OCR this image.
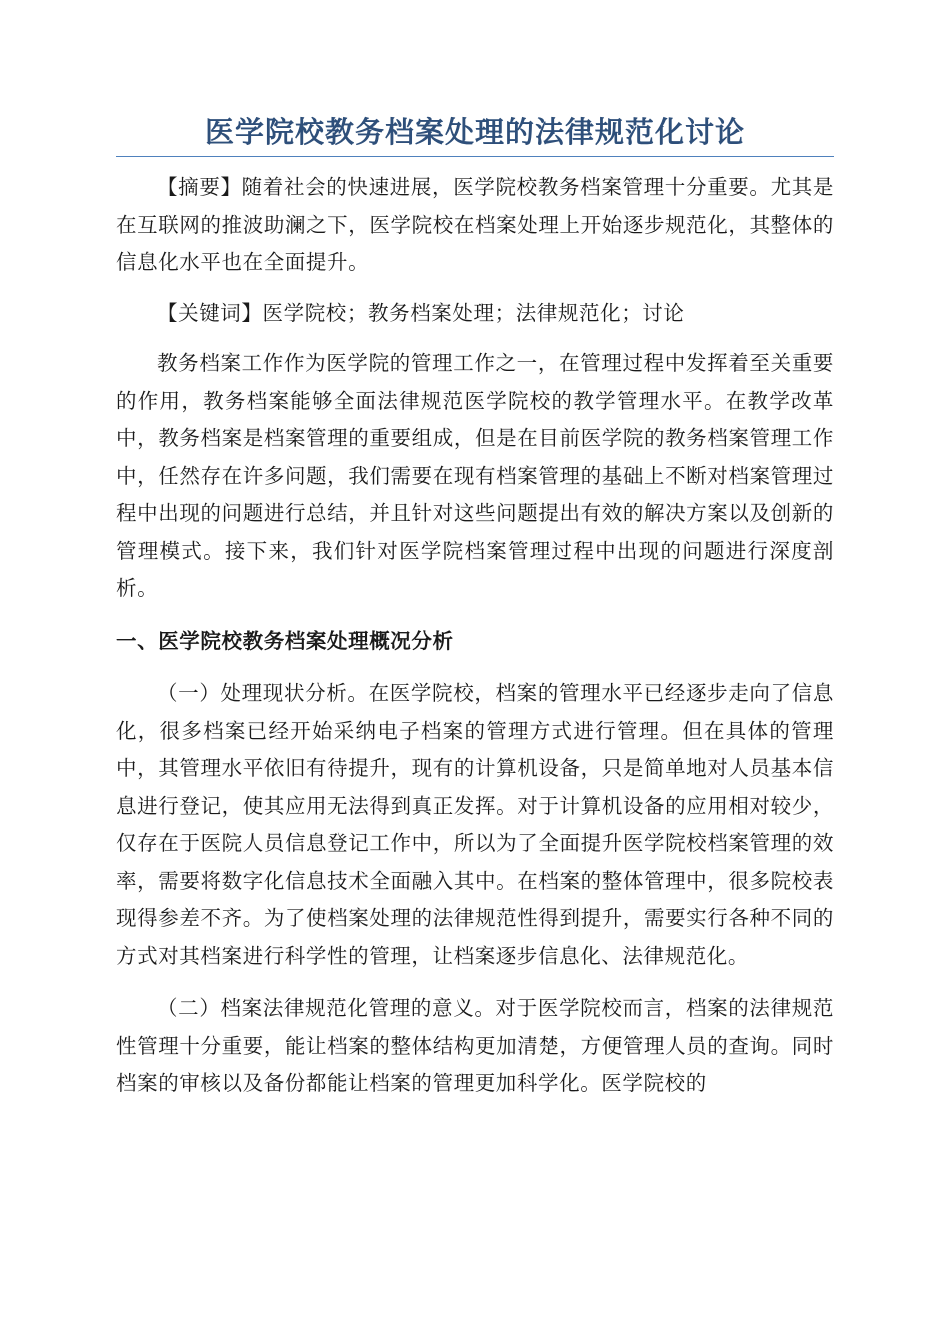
医学院校教务档案处理的法律规范化讨论

【摘要】随着社会的快速进展，医学院校教务档案管理十分重要。尤其是在互联网的推波助澜之下，医学院校在档案处理上开始逐步规范化，其整体的信息化水平也在全面提升。

【关键词】医学院校；教务档案处理；法律规范化；讨论

教务档案工作作为医学院的管理工作之一，在管理过程中发挥着至关重要的作用，教务档案能够全面法律规范医学院校的教学管理水平。在教学改革中，教务档案是档案管理的重要组成，但是在目前医学院的教务档案管理工作中，任然存在许多问题，我们需要在现有档案管理的基础上不断对档案管理过程中出现的问题进行总结，并且针对这些问题提出有效的解决方案以及创新的管理模式。接下来，我们针对医学院档案管理过程中出现的问题进行深度剖析。

一、医学院校教务档案处理概况分析

（一）处理现状分析。在医学院校，档案的管理水平已经逐步走向了信息化，很多档案已经开始采纳电子档案的管理方式进行管理。但在具体的管理中，其管理水平依旧有待提升，现有的计算机设备，只是简单地对人员基本信息进行登记，使其应用无法得到真正发挥。对于计算机设备的应用相对较少，仅存在于医院人员信息登记工作中，所以为了全面提升医学院校档案管理的效率，需要将数字化信息技术全面融入其中。在档案的整体管理中，很多院校表现得参差不齐。为了使档案处理的法律规范性得到提升，需要实行各种不同的方式对其档案进行科学性的管理，让档案逐步信息化、法律规范化。

（二）档案法律规范化管理的意义。对于医学院校而言，档案的法律规范性管理十分重要，能让档案的整体结构更加清楚，方便管理人员的查询。同时档案的审核以及备份都能让档案的管理更加科学化。医学院校的
